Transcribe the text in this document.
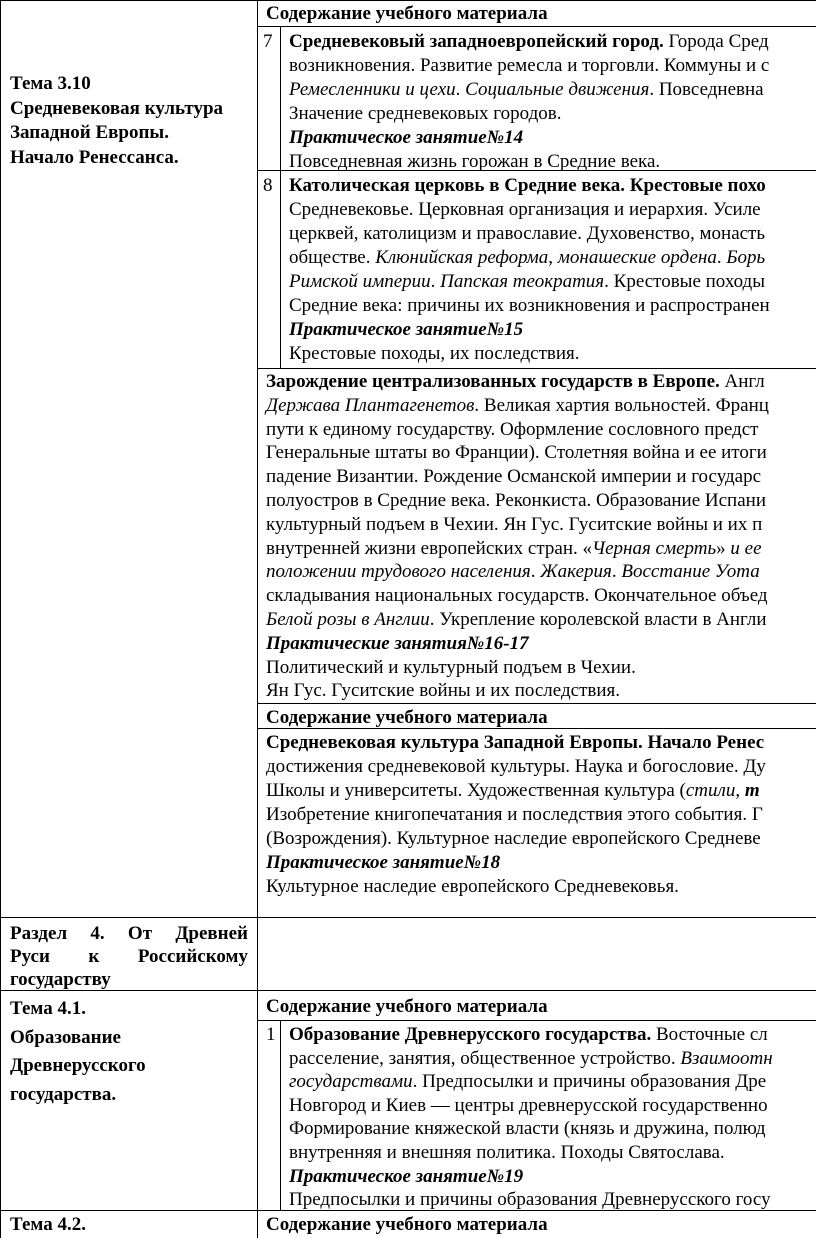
Тема 3.10
Средневековая культура
Западной Европы.
Начало Ренессанса.
Раздел 4. От Древней
Руси к Российскому
государству
Тема 4.1.
Образование
Древнерусского
государства.
Тема 4.2.
Содержание учебного материала
7
8
Содержание учебного материала
Содержание учебного материала
1
Содержание учебного материала
Средневековый западноевропейский город. Города Сред
возникновения. Развитие ремесла и торговли. Коммуны и с
Ремесленники и цехи. Социальные движения. Повседневна
Значение средневековых городов.
Практическое занятие№14
Повседневная жизнь горожан в Средние века.
Католическая церковь в Средние века. Крестовые похо
Средневековье. Церковная организация и иерархия. Усиле
церквей, католицизм и православие. Духовенство, монасть
обществе. Клюнийская реформа, монашеские ордена. Борь
Римской империи. Папская теократия. Крестовые походы
Средние века: причины их возникновения и распространен
Практическое занятие№15
Крестовые походы, их последствия.
Зарождение централизованных государств в Европе. Англ
Держава Плантагенетов. Великая хартия вольностей. Франц
пути к единому государству. Оформление сословного предст
Генеральные штаты во Франции). Столетняя война и ее итоги
падение Византии. Рождение Османской империи и государс
полуостров в Средние века. Реконкиста. Образование Испани
культурный подъем в Чехии. Ян Гус. Гуситские войны и их п
внутренней жизни европейских стран. «Черная смерть» и ее
положении трудового населения. Жакерия. Восстание Уота
складывания национальных государств. Окончательное объед
Белой розы в Англии. Укрепление королевской власти в Англи
Практические занятия№16-17
Политический и культурный подъем в Чехии.
Ян Гус. Гуситские войны и их последствия.
Средневековая культура Западной Европы. Начало Ренес
достижения средневековой культуры. Наука и богословие. Ду
Школы и университеты. Художественная культура (стили, т
Изобретение книгопечатания и последствия этого события. Г
(Возрождения). Культурное наследие европейского Средневе
Практическое занятие№18
Культурное наследие европейского Средневековья.
Образование Древнерусского государства. Восточные сл
расселение, занятия, общественное устройство. Взаимоотн
государствами. Предпосылки и причины образования Дре
Новгород и Киев — центры древнерусской государственно
Формирование княжеской власти (князь и дружина, полюд
внутренняя и внешняя политика. Походы Святослава.
Практическое занятие№19
Предпосылки и причины образования Древнерусского госу
